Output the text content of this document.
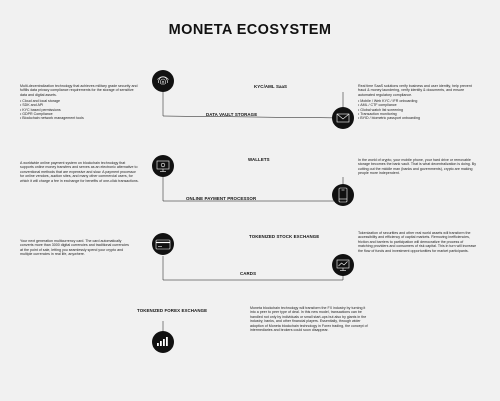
MONETA ECOSYSTEM

Multi-decentralization technology that achieves military grade security and fulfills data privacy compliance requirements for the storage of sensitive data and digital assets.

• Cloud and local storage
• SDK and API
• KYC based permissions
• GDPR Compliance
• Blockchain network management tools
DATA VAULT STORAGE
KYC/AML SaaS	Real time SaaS solutions verify business and user identity, help prevent fraud & money laundering, verify identity & documents, and ensure automated regulatory compliance.

• Mobile / Web KYC / IFR onboarding
• AML / CTF compliance
• Global watch list screening
• Transaction monitoring
• BYID / biometric passport onboarding

A worldwide online payment system on blockchain technology that supports online money transfers and serves as an electronic alternative to conventional methods that are expensive and slow. A payment processor for online vendors, auction sites, and many other commercial users, for which it will charge a fee in exchange for benefits of one-click transactions.

ONLINE PAYMENT PROCESSOR
WALLETS	In the world of crypto, your mobile phone, your hard drive or removable storage becomes the bank vault. That is what decentralization is doing. By cutting out the middle man (banks and governments), crypto are making people more independent.

Your next generation multicurrency card. The card automatically converts more than 3000 digital currencies and traditional currencies at the point of sale, letting you seamlessly spend your crypto and multiple currencies in real life, anywhere.

CARDS
TOKENIZED STOCK EXCHANGE

Tokenization of securities and other real world assets will transform the accessibility and efficiency of capital markets. Removing inefficiencies, friction and barriers to participation will democratize the process of matching providers and consumers of risk capital. This in turn will increase the flow of funds and investment opportunities for market participants.

TOKENIZED FOREX EXCHANGE	Moneta blockchain technology will transform the FX industry by turning it into a peer to peer type of deal. In this new model, transactions can be handled not only by individuals or small start-ups but also by giants in the industry, banks, and other financial players. Essentially, through wider adoption of Moneta blockchain technology in Forex trading, the concept of intermediaries and brokers could soon disappear.
